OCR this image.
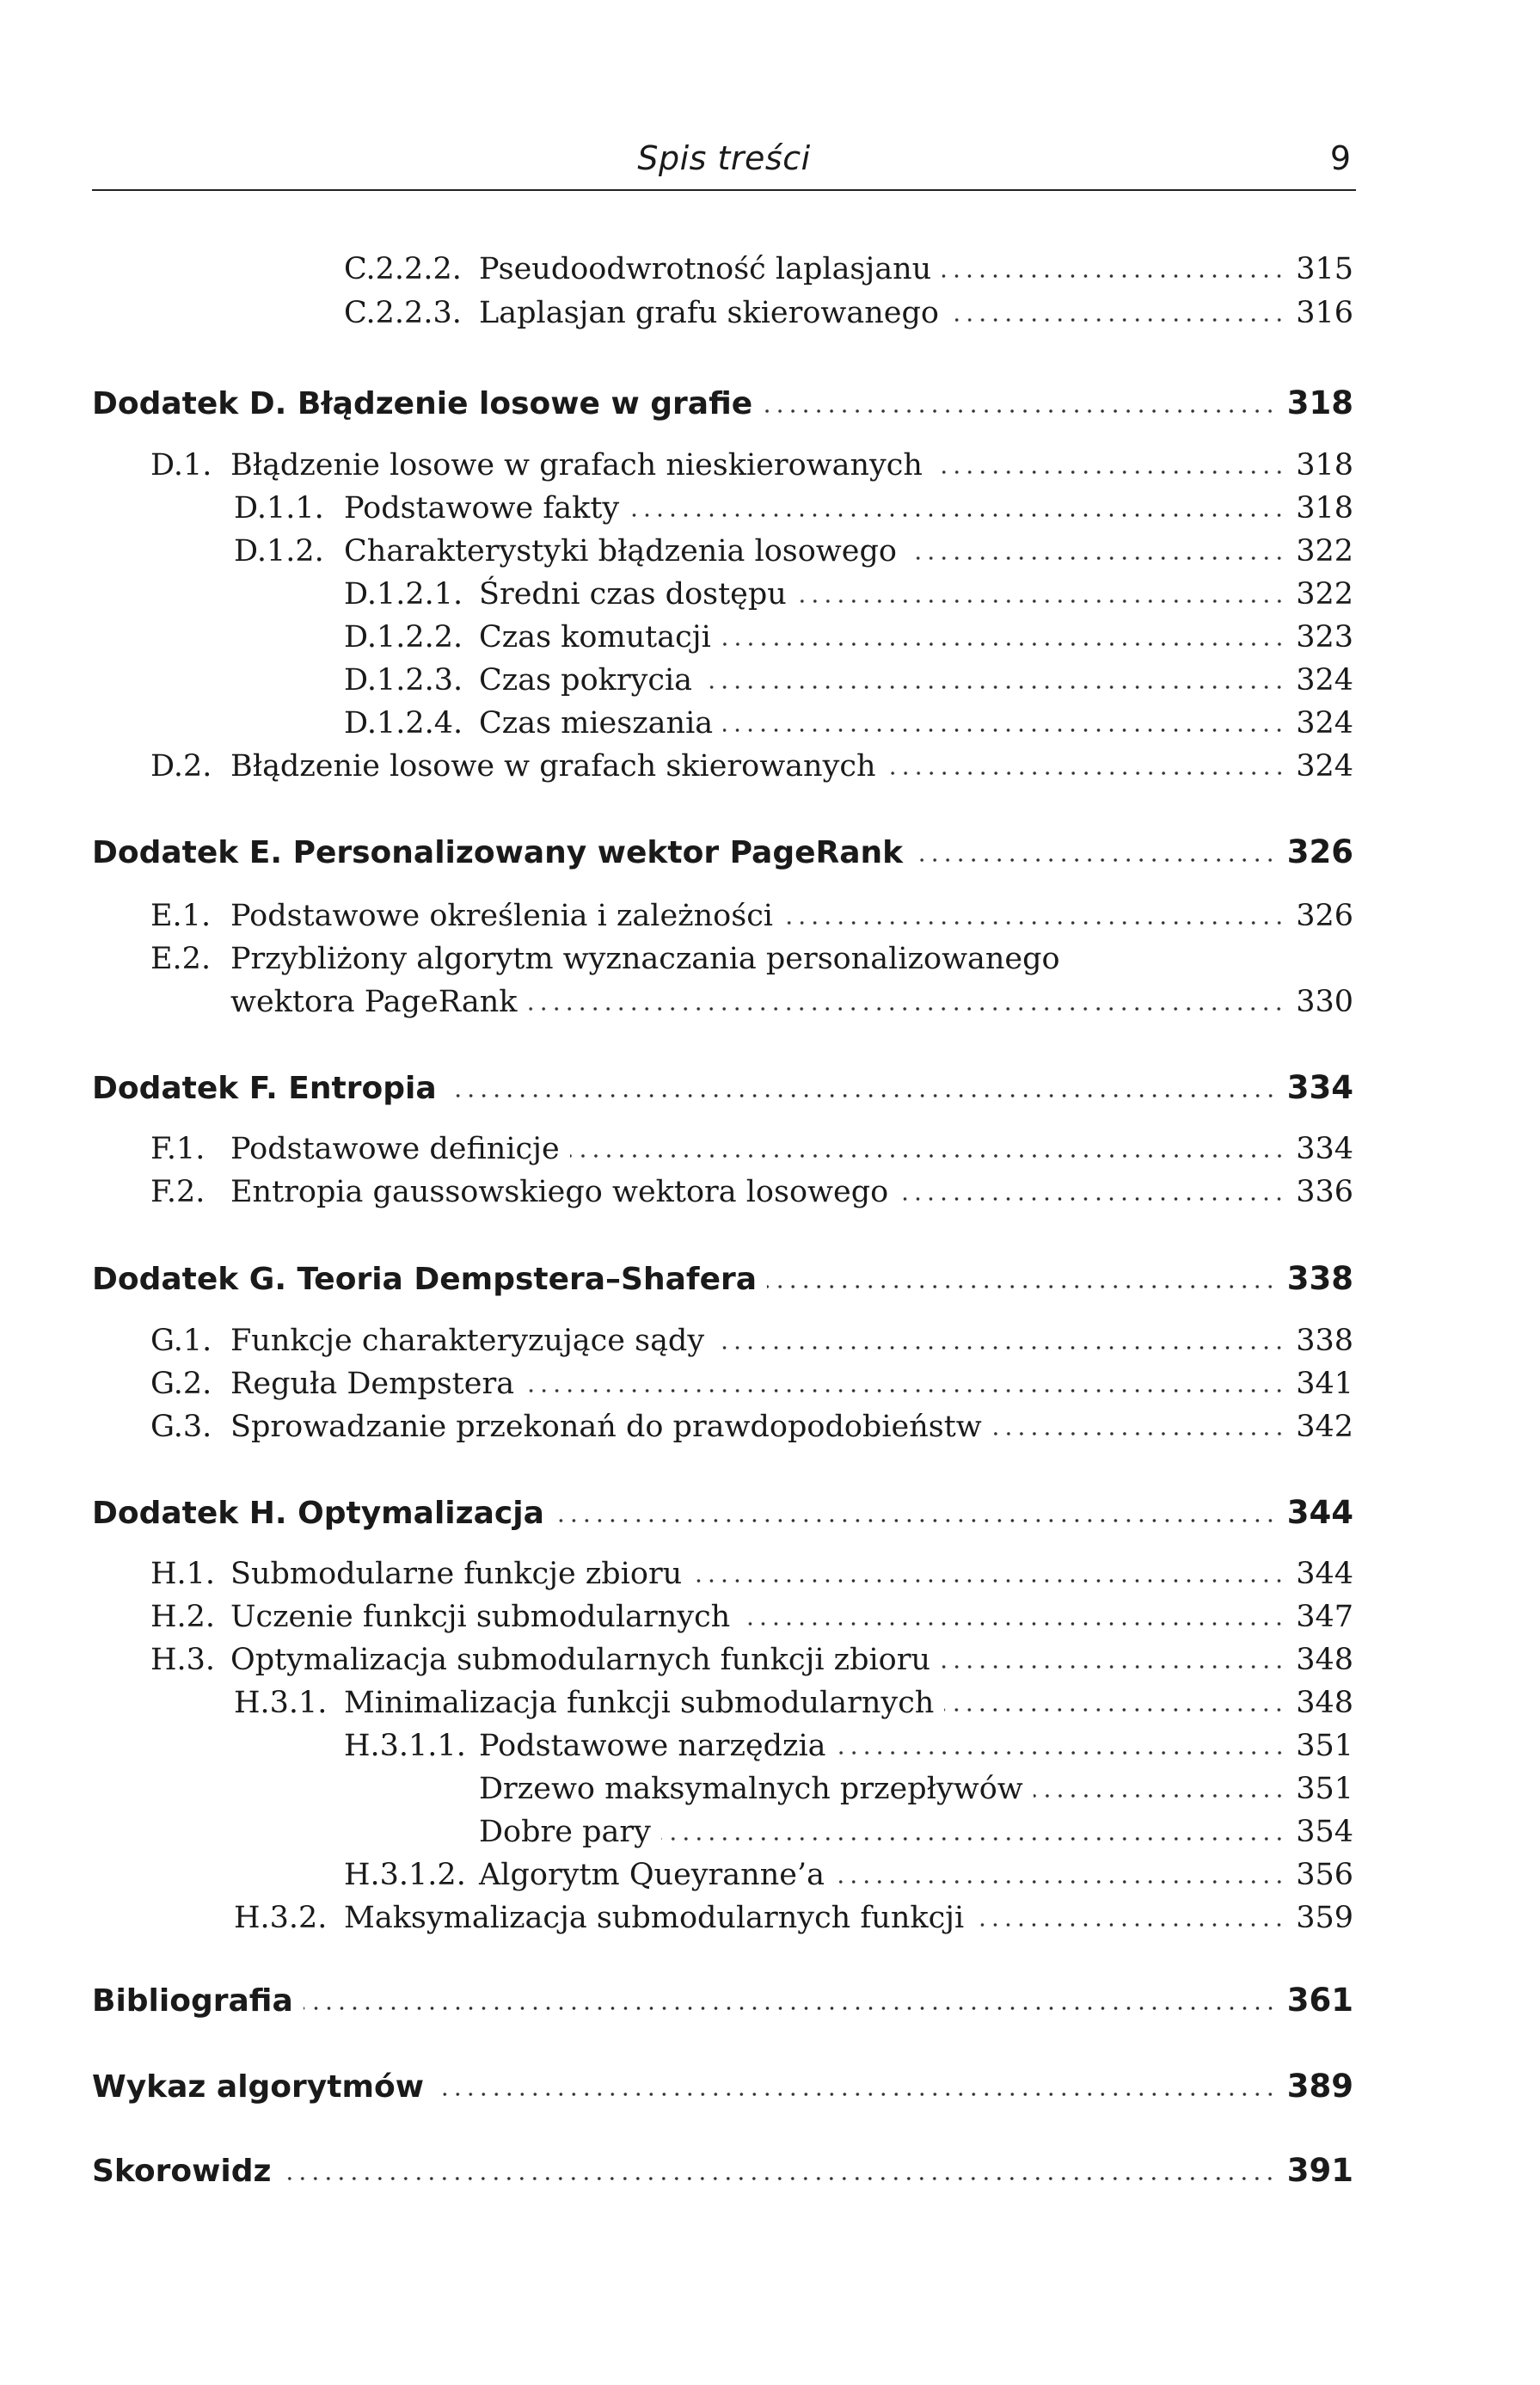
Spis treści	9
C.2.2.2. Pseudoodwrotność laplasjanu	315
C.2.2.3. Laplasjan grafu skierowanego	316
Dodatek D. Błądzenie losowe w grafie	318
D.1. Błądzenie losowe w grafach nieskierowanych	318
D.1.1. Podstawowe fakty	318
D.1.2. Charakterystyki błądzenia losowego	322
D.1.2.1. Średni czas dostępu	322
D.1.2.2. Czas komutacji	323
D.1.2.3. Czas pokrycia	324
D.1.2.4. Czas mieszania	324
D.2. Błądzenie losowe w grafach skierowanych	324
Dodatek E. Personalizowany wektor PageRank	326
E.1. Podstawowe określenia i zależności	326
E.2. Przybliżony algorytm wyznaczania personalizowanego
wektora PageRank	330
Dodatek F. Entropia	334
F.1. Podstawowe definicje	334
F.2. Entropia gaussowskiego wektora losowego	336
Dodatek G. Teoria Dempstera–Shafera	338
G.1. Funkcje charakteryzujące sądy	338
G.2. Reguła Dempstera	341
G.3. Sprowadzanie przekonań do prawdopodobieństw	342
Dodatek H. Optymalizacja	344
H.1. Submodularne funkcje zbioru	344
H.2. Uczenie funkcji submodularnych	347
H.3. Optymalizacja submodularnych funkcji zbioru	348
H.3.1. Minimalizacja funkcji submodularnych	348
H.3.1.1. Podstawowe narzędzia	351
Drzewo maksymalnych przepływów	351
Dobre pary	354
H.3.1.2. Algorytm Queyranne’a	356
H.3.2. Maksymalizacja submodularnych funkcji	359
Bibliografia	361
Wykaz algorytmów	389
Skorowidz	391
